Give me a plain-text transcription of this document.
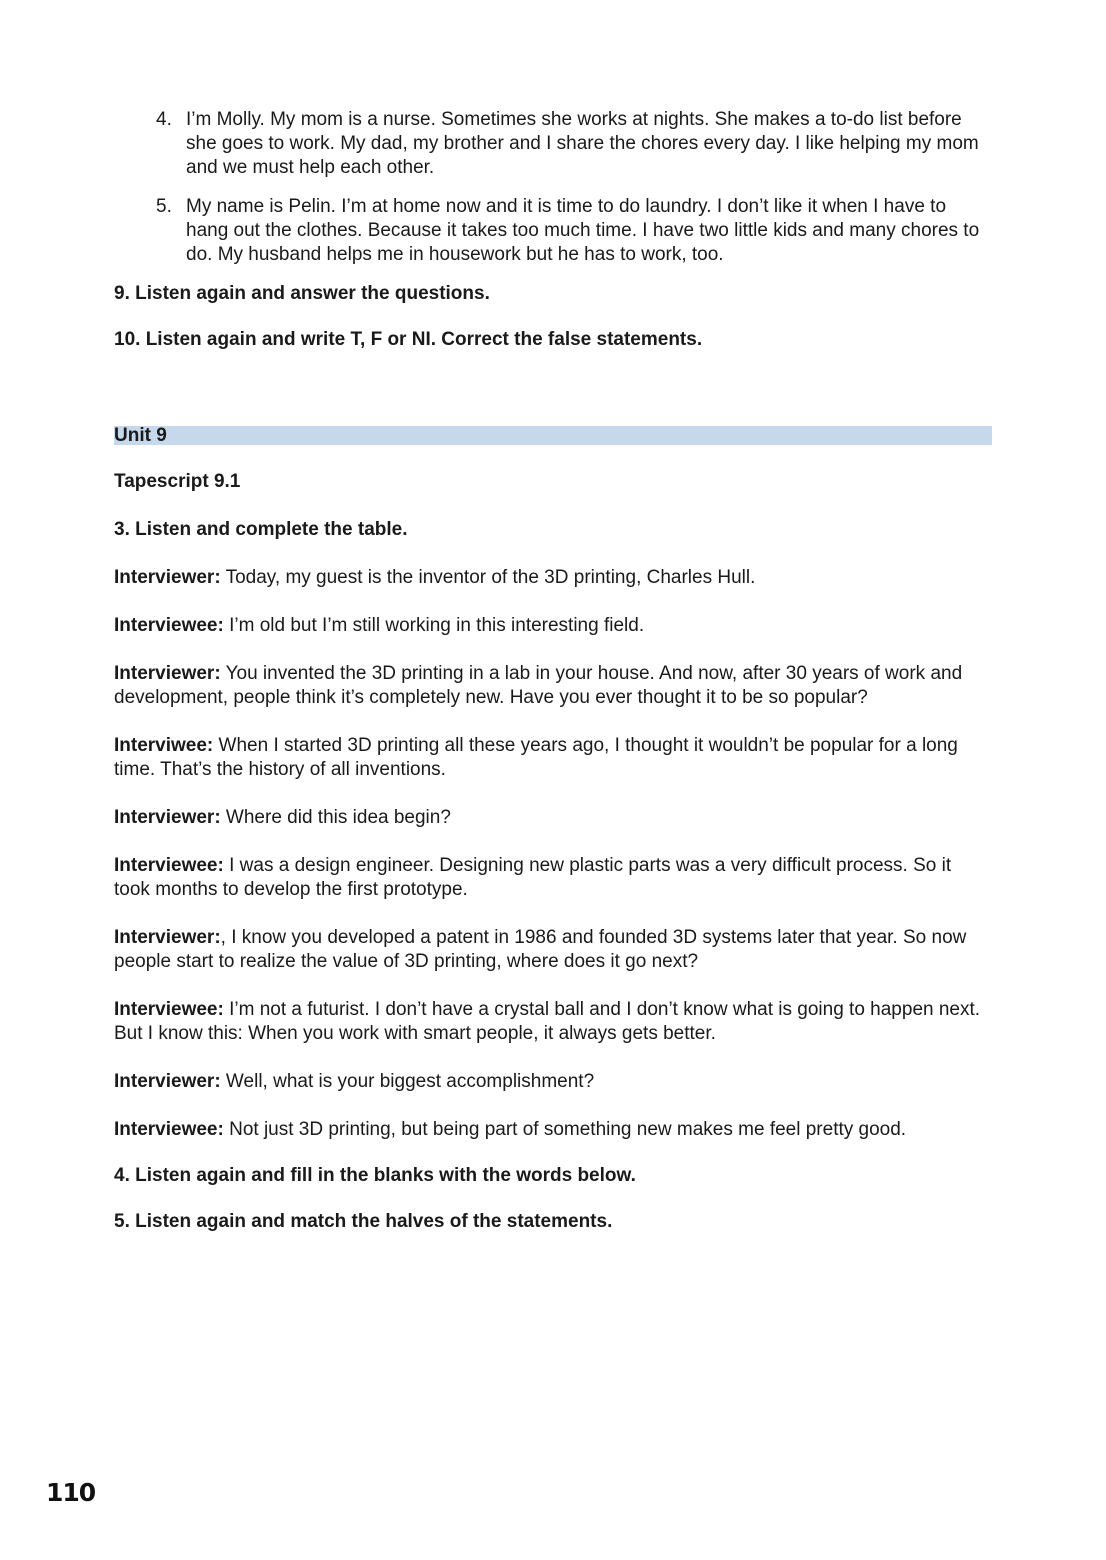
4. I’m Molly. My mom is a nurse. Sometimes she works at nights. She makes a to-do list before she goes to work. My dad, my brother and I share the chores every day. I like helping my mom and we must help each other.
5. My name is Pelin. I’m at home now and it is time to do laundry. I don’t like it when I have to hang out the clothes. Because it takes too much time. I have two little kids and many chores to do. My husband helps me in housework but he has to work, too.

9. Listen again and answer the questions.

10. Listen again and write T, F or NI. Correct the false statements.

Unit 9

Tapescript 9.1

3. Listen and complete the table.

Interviewer: Today, my guest is the inventor of the 3D printing, Charles Hull.

Interviewee: I’m old but I’m still working in this interesting field.

Interviewer: You invented the 3D printing in a lab in your house. And now, after 30 years of work and development, people think it’s completely new. Have you ever thought it to be so popular?

Interviwee: When I started 3D printing all these years ago, I thought it wouldn’t be popular for a long time. That’s the history of all inventions.

Interviewer: Where did this idea begin?

Interviewee: I was a design engineer. Designing new plastic parts was a very difficult process. So it took months to develop the first prototype.

Interviewer:, I know you developed a patent in 1986 and founded 3D systems later that year. So now people start to realize the value of 3D printing, where does it go next?

Interviewee: I’m not a futurist. I don’t have a crystal ball and I don’t know what is going to happen next. But I know this: When you work with smart people, it always gets better.

Interviewer: Well, what is your biggest accomplishment?

Interviewee: Not just 3D printing, but being part of something new makes me feel pretty good.

4. Listen again and fill in the blanks with the words below.

5. Listen again and match the halves of the statements.

110
